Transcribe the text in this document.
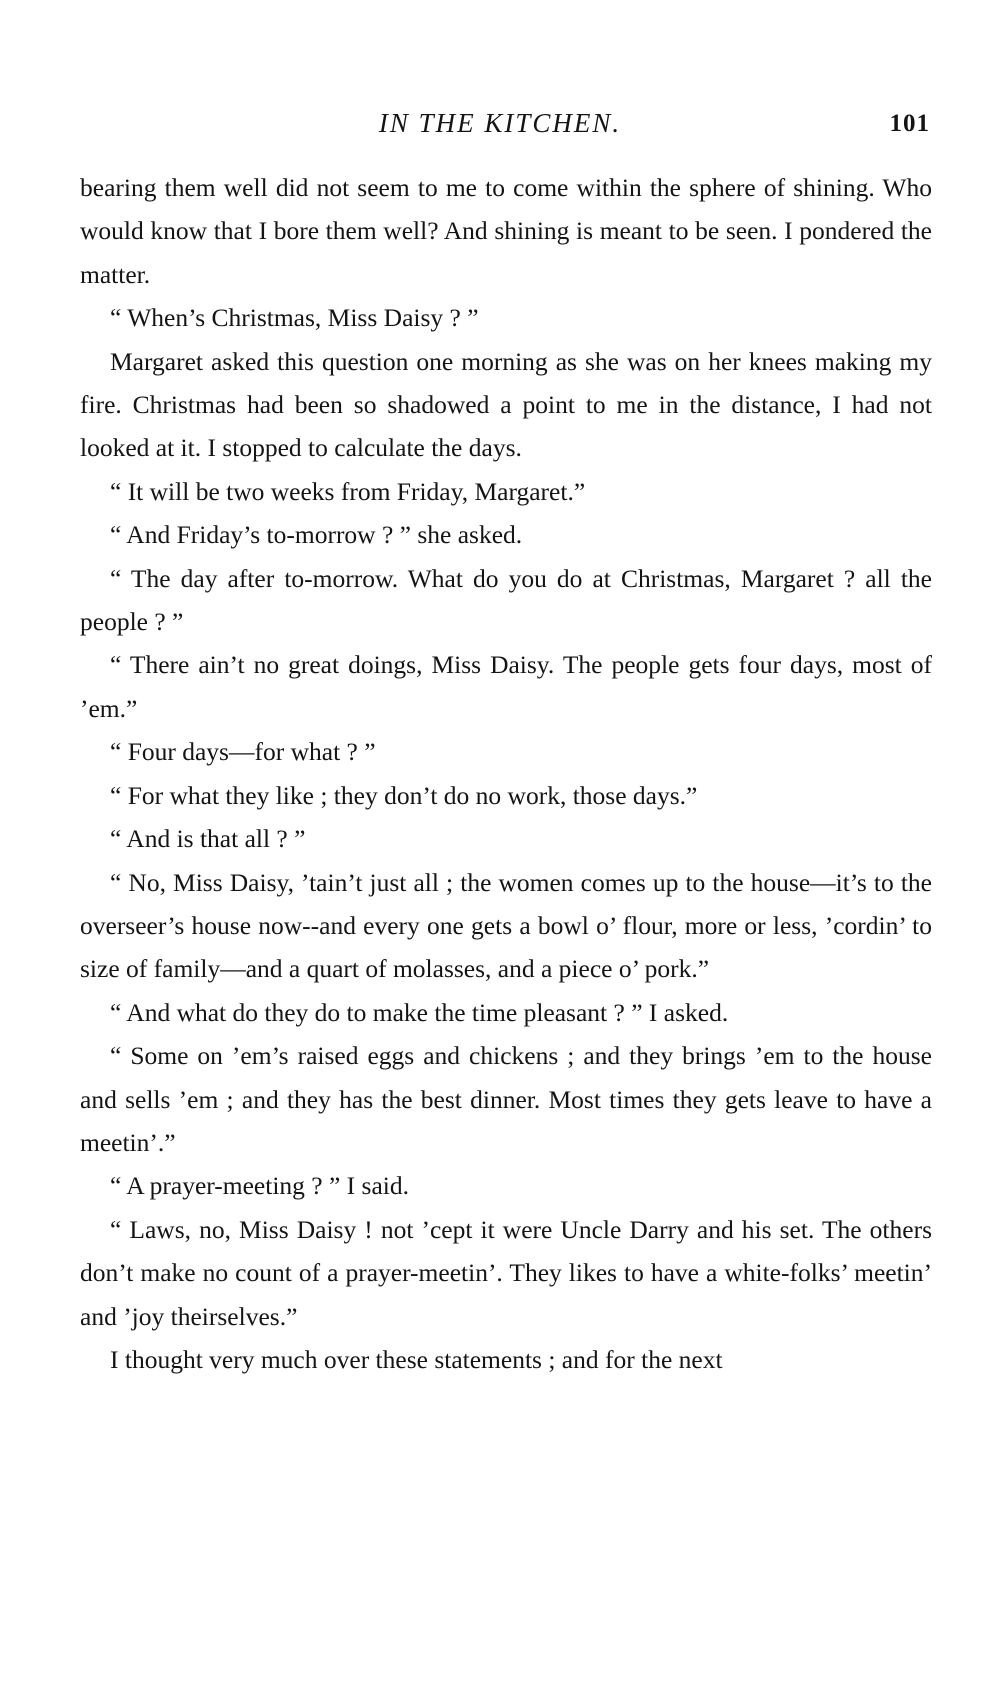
IN THE KITCHEN.	101

bearing them well did not seem to me to come within the sphere of shining. Who would know that I bore them well? And shining is meant to be seen. I pondered the matter.

“ When’s Christmas, Miss Daisy ? ”

Margaret asked this question one morning as she was on her knees making my fire. Christmas had been so shadowed a point to me in the distance, I had not looked at it. I stopped to calculate the days.

“ It will be two weeks from Friday, Margaret.”

“ And Friday’s to-morrow ? ” she asked.

“ The day after to-morrow. What do you do at Christmas, Margaret ? all the people ? ”

“ There ain’t no great doings, Miss Daisy. The people gets four days, most of ’em.”

“ Four days—for what ? ”

“ For what they like ; they don’t do no work, those days.”

“ And is that all ? ”

“ No, Miss Daisy, ’tain’t just all ; the women comes up to the house—it’s to the overseer’s house now--and every one gets a bowl o’ flour, more or less, ’cordin’ to size of family—and a quart of molasses, and a piece o’ pork.”

“ And what do they do to make the time pleasant ? ” I asked.

“ Some on ’em’s raised eggs and chickens ; and they brings ’em to the house and sells ’em ; and they has the best dinner. Most times they gets leave to have a meetin’.”

“ A prayer-meeting ? ” I said.

“ Laws, no, Miss Daisy ! not ’cept it were Uncle Darry and his set. The others don’t make no count of a prayer-meetin’. They likes to have a white-folks’ meetin’ and ’joy theirselves.”

I thought very much over these statements ; and for the next
